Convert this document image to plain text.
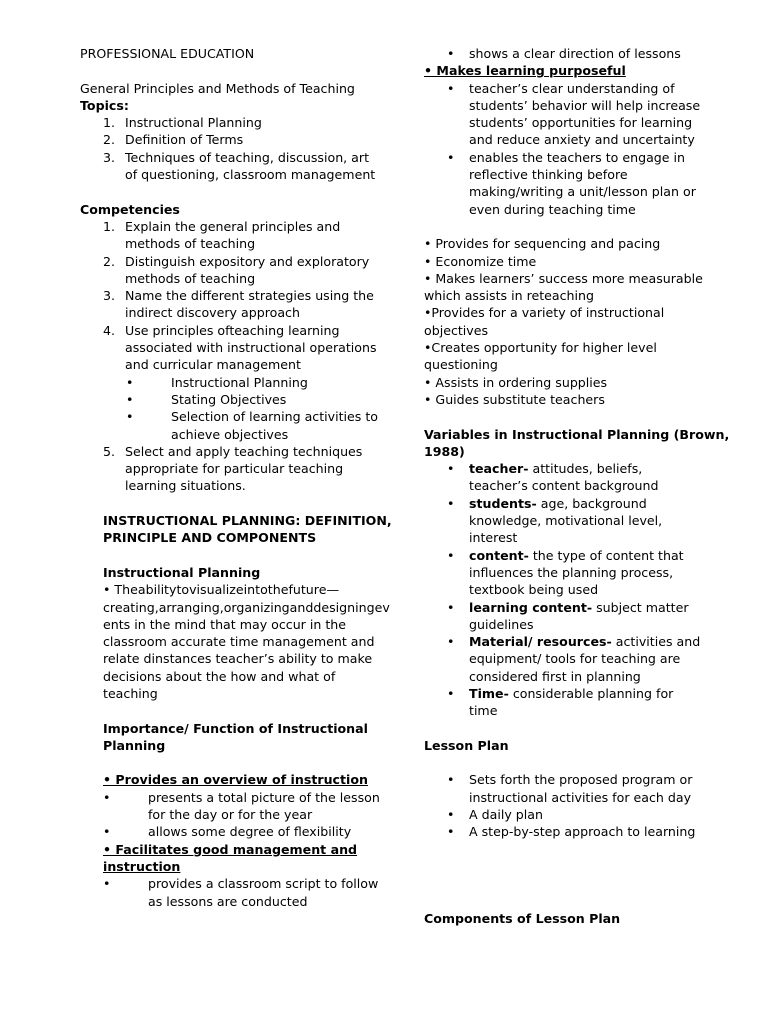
PROFESSIONAL EDUCATION
General Principles and Methods of Teaching
Topics:
1. Instructional Planning
2. Definition of Terms
3. Techniques of teaching, discussion, art of questioning, classroom management
Competencies
1. Explain the general principles and methods of teaching
2. Distinguish expository and exploratory methods of teaching
3. Name the different strategies using the indirect discovery approach
4. Use principles ofteaching learning associated with instructional operations and curricular management
•	Instructional Planning
•	Stating Objectives
•	Selection of learning activities to achieve objectives
5. Select and apply teaching techniques appropriate for particular teaching learning situations.
INSTRUCTIONAL PLANNING: DEFINITION,
PRINCIPLE AND COMPONENTS
Instructional Planning
• Theabilitytovisualizeintothefuture—
creating,arranging,organizinganddesigningev
ents in the mind that may occur in the
classroom accurate time management and
relate dinstances teacher’s ability to make
decisions about the how and what of
teaching
Importance/ Function of Instructional
Planning
• Provides an overview of instruction
•	presents a total picture of the lesson for the day or for the year
•	allows some degree of flexibility
• Facilitates good management and
instruction
•	provides a classroom script to follow as lessons are conducted
•	shows a clear direction of lessons
• Makes learning purposeful
•	teacher’s clear understanding of students’ behavior will help increase students’ opportunities for learning and reduce anxiety and uncertainty
•	enables the teachers to engage in reflective thinking before making/writing a unit/lesson plan or even during teaching time
• Provides for sequencing and pacing
• Economize time
• Makes learners’ success more measurable which assists in reteaching
•Provides for a variety of instructional objectives
•Creates opportunity for higher level questioning
• Assists in ordering supplies
• Guides substitute teachers
Variables in Instructional Planning (Brown,
1988)
•	teacher- attitudes, beliefs, teacher’s content background
•	students- age, background knowledge, motivational level, interest
•	content- the type of content that influences the planning process, textbook being used
•	learning content- subject matter guidelines
•	Material/ resources- activities and equipment/ tools for teaching are considered first in planning
•	Time- considerable planning for time
Lesson Plan
•	Sets forth the proposed program or instructional activities for each day
•	A daily plan
•	A step-by-step approach to learning
Components of Lesson Plan
